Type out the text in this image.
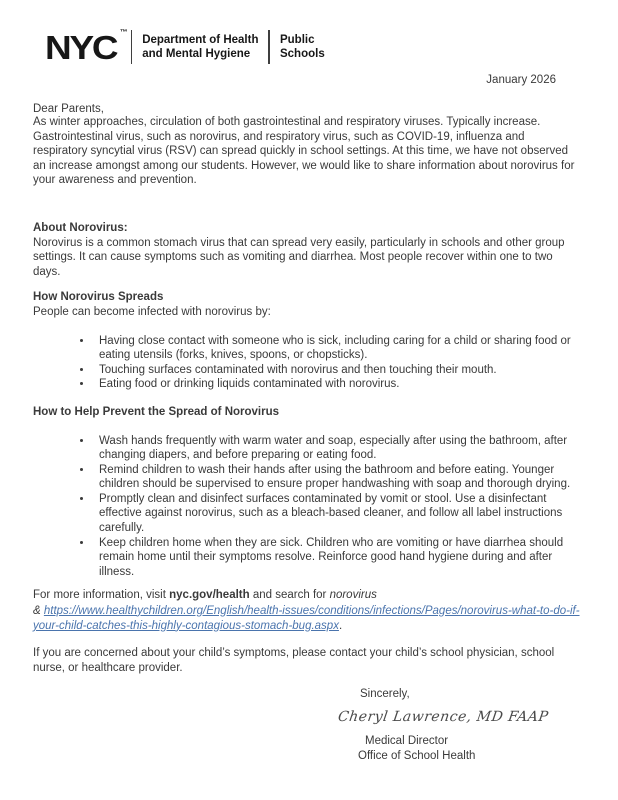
NYC ™
Department of Health
and Mental Hygiene
Public
Schools
January 2026
Dear Parents,

As winter approaches, circulation of both gastrointestinal and respiratory viruses. Typically increase. Gastrointestinal virus, such as norovirus, and respiratory virus, such as COVID-19, influenza and respiratory syncytial virus (RSV) can spread quickly in school settings. At this time, we have not observed an increase amongst among our students. However, we would like to share information about norovirus for your awareness and prevention.

About Norovirus:

Norovirus is a common stomach virus that can spread very easily, particularly in schools and other group settings. It can cause symptoms such as vomiting and diarrhea. Most people recover within one to two days.

How Norovirus Spreads

People can become infected with norovirus by:

• Having close contact with someone who is sick, including caring for a child or sharing food or eating utensils (forks, knives, spoons, or chopsticks).
• Touching surfaces contaminated with norovirus and then touching their mouth.
• Eating food or drinking liquids contaminated with norovirus.

How to Help Prevent the Spread of Norovirus

• Wash hands frequently with warm water and soap, especially after using the bathroom, after changing diapers, and before preparing or eating food.
• Remind children to wash their hands after using the bathroom and before eating. Younger children should be supervised to ensure proper handwashing with soap and thorough drying.
• Promptly clean and disinfect surfaces contaminated by vomit or stool. Use a disinfectant effective against norovirus, such as a bleach-based cleaner, and follow all label instructions carefully.
• Keep children home when they are sick. Children who are vomiting or have diarrhea should remain home until their symptoms resolve. Reinforce good hand hygiene during and after illness.

For more information, visit nyc.gov/health and search for norovirus
& https://www.healthychildren.org/English/health-issues/conditions/infections/Pages/norovirus-what-to-do-if-your-child-catches-this-highly-contagious-stomach-bug.aspx.

If you are concerned about your child’s symptoms, please contact your child’s school physician, school nurse, or healthcare provider.

Sincerely,
Cheryl Lawrence, MD FAAP
Medical Director
Office of School Health
